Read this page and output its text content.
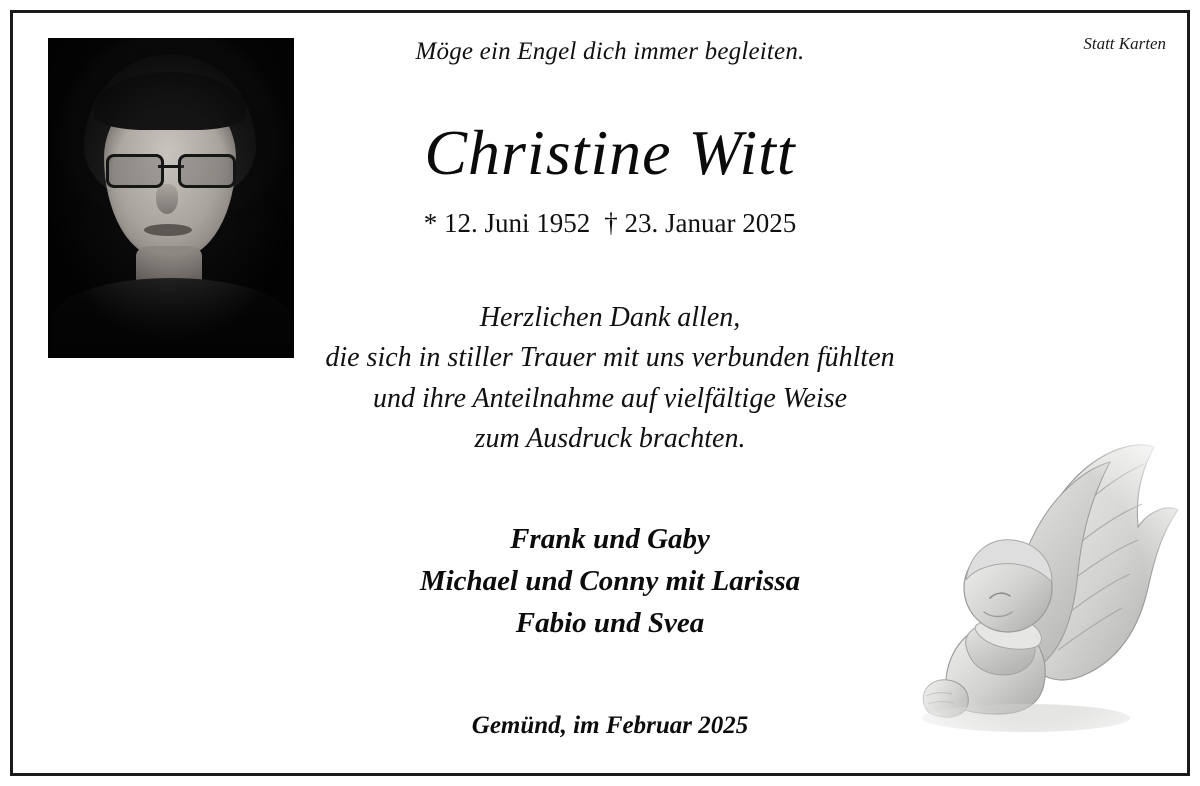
Möge ein Engel dich immer begleiten.	Statt Karten
Christine Witt
* 12. Juni 1952 † 23. Januar 2025
Herzlichen Dank allen,
die sich in stiller Trauer mit uns verbunden fühlten
und ihre Anteilnahme auf vielfältige Weise
zum Ausdruck brachten.
Frank und Gaby
Michael und Conny mit Larissa
Fabio und Svea
Gemünd, im Februar 2025
